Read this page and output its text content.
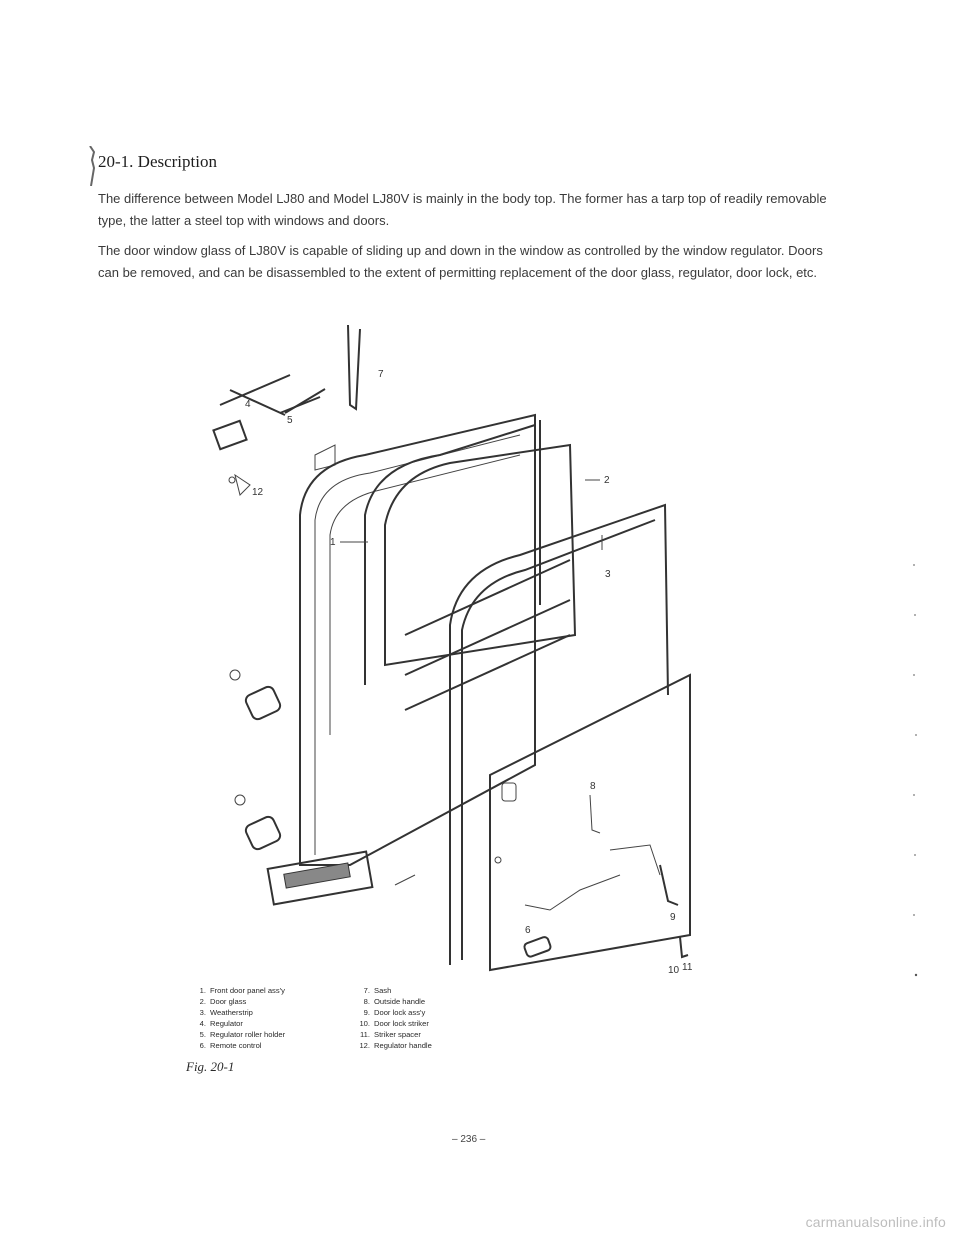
20-1. Description

The difference between Model LJ80 and Model LJ80V is mainly in the body top. The former has a tarp top of readily removable type, the latter a steel top with windows and doors.

The door window glass of LJ80V is capable of sliding up and down in the window as controlled by the window regulator. Doors can be removed, and can be disassembled to the extent of permitting replacement of the door glass, regulator, door lock, etc.

1
2
3
4
5
6
7
8
9
10 11
12
1. Front door panel ass'y
2. Door glass
3. Weatherstrip
4. Regulator
5. Regulator roller holder
6. Remote control
7. Sash
8. Outside handle
9. Door lock ass'y
10. Door lock striker
11. Striker spacer
12. Regulator handle
Fig. 20-1
– 236 –
carmanualsonline.info
